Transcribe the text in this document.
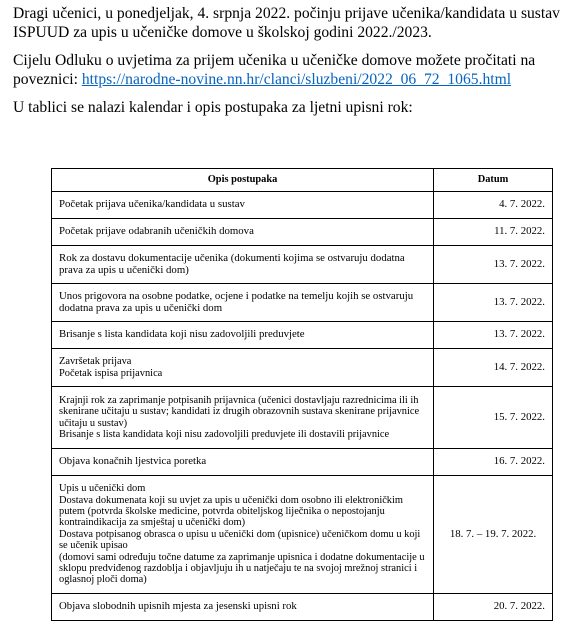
Dragi učenici, u ponedjeljak, 4. srpnja 2022. počinju prijave učenika/kandidata u sustav ISPUUD za upis u učeničke domove u školskoj godini 2022./2023.

Cijelu Odluku o uvjetima za prijem učenika u učeničke domove možete pročitati na poveznici: https://narodne-novine.nn.hr/clanci/sluzbeni/2022_06_72_1065.html

U tablici se nalazi kalendar i opis postupaka za ljetni upisni rok:

Opis postupaka	Datum

Početak prijava učenika/kandidata u sustav	4. 7. 2022.

Početak prijave odabranih učeničkih domova	11. 7. 2022.

Rok za dostavu dokumentacije učenika (dokumenti kojima se ostvaruju dodatna prava za upis u učenički dom)	13. 7. 2022.

Unos prigovora na osobne podatke, ocjene i podatke na temelju kojih se ostvaruju dodatna prava za upis u učenički dom	13. 7. 2022.

Brisanje s lista kandidata koji nisu zadovoljili preduvjete	13. 7. 2022.

Završetak prijava
Početak ispisa prijavnica	14. 7. 2022.

Krajnji rok za zaprimanje potpisanih prijavnica (učenici dostavljaju razrednicima ili ih skenirane učitaju u sustav; kandidati iz drugih obrazovnih sustava skenirane prijavnice učitaju u sustav)
Brisanje s lista kandidata koji nisu zadovoljili preduvjete ili dostavili prijavnice	15. 7. 2022.

Objava konačnih ljestvica poretka	16. 7. 2022.

Upis u učenički dom
Dostava dokumenata koji su uvjet za upis u učenički dom osobno ili elektroničkim putem (potvrda školske medicine, potvrda obiteljskog liječnika o nepostojanju kontraindikacija za smještaj u učenički dom)
Dostava potpisanog obrasca o upisu u učenički dom (upisnice) učeničkom domu u koji se učenik upisao
(domovi sami određuju točne datume za zaprimanje upisnica i dodatne dokumentacije u sklopu predviđenog razdoblja i objavljuju ih u natječaju te na svojoj mrežnoj stranici i oglasnoj ploči doma)	18. 7. – 19. 7. 2022.

Objava slobodnih upisnih mjesta za jesenski upisni rok	20. 7. 2022.
